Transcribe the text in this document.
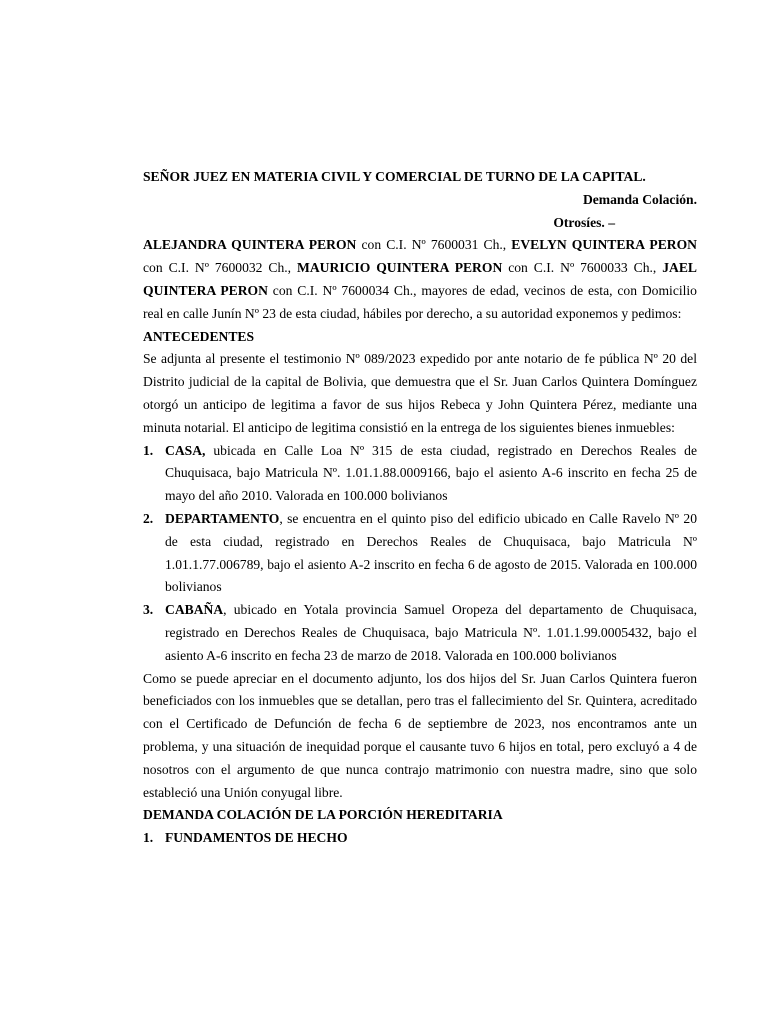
SEÑOR JUEZ EN MATERIA CIVIL Y COMERCIAL DE TURNO DE LA CAPITAL.

Demanda Colación.

Otrosíes. –

ALEJANDRA QUINTERA PERON con C.I. Nº 7600031 Ch., EVELYN QUINTERA PERON con C.I. Nº 7600032 Ch., MAURICIO QUINTERA PERON con C.I. Nº 7600033 Ch., JAEL QUINTERA PERON con C.I. Nº 7600034 Ch., mayores de edad, vecinos de esta, con Domicilio real en calle Junín Nº 23 de esta ciudad, hábiles por derecho, a su autoridad exponemos y pedimos:

ANTECEDENTES

Se adjunta al presente el testimonio Nº 089/2023 expedido por ante notario de fe pública Nº 20 del Distrito judicial de la capital de Bolivia, que demuestra que el Sr. Juan Carlos Quintera Domínguez otorgó un anticipo de legitima a favor de sus hijos Rebeca y John Quintera Pérez, mediante una minuta notarial. El anticipo de legitima consistió en la entrega de los siguientes bienes inmuebles:

1. CASA, ubicada en Calle Loa Nº 315 de esta ciudad, registrado en Derechos Reales de Chuquisaca, bajo Matricula Nº. 1.01.1.88.0009166, bajo el asiento A-6 inscrito en fecha 25 de mayo del año 2010. Valorada en 100.000 bolivianos
2. DEPARTAMENTO, se encuentra en el quinto piso del edificio ubicado en Calle Ravelo Nº 20 de esta ciudad, registrado en Derechos Reales de Chuquisaca, bajo Matricula Nº 1.01.1.77.006789, bajo el asiento A-2 inscrito en fecha 6 de agosto de 2015. Valorada en 100.000 bolivianos
3. CABAÑA, ubicado en Yotala provincia Samuel Oropeza del departamento de Chuquisaca, registrado en Derechos Reales de Chuquisaca, bajo Matricula Nº. 1.01.1.99.0005432, bajo el asiento A-6 inscrito en fecha 23 de marzo de 2018. Valorada en 100.000 bolivianos

Como se puede apreciar en el documento adjunto, los dos hijos del Sr. Juan Carlos Quintera fueron beneficiados con los inmuebles que se detallan, pero tras el fallecimiento del Sr. Quintera, acreditado con el Certificado de Defunción de fecha 6 de septiembre de 2023, nos encontramos ante un problema, y una situación de inequidad porque el causante tuvo 6 hijos en total, pero excluyó a 4 de nosotros con el argumento de que nunca contrajo matrimonio con nuestra madre, sino que solo estableció una Unión conyugal libre.

DEMANDA COLACIÓN DE LA PORCIÓN HEREDITARIA

1. FUNDAMENTOS DE HECHO
